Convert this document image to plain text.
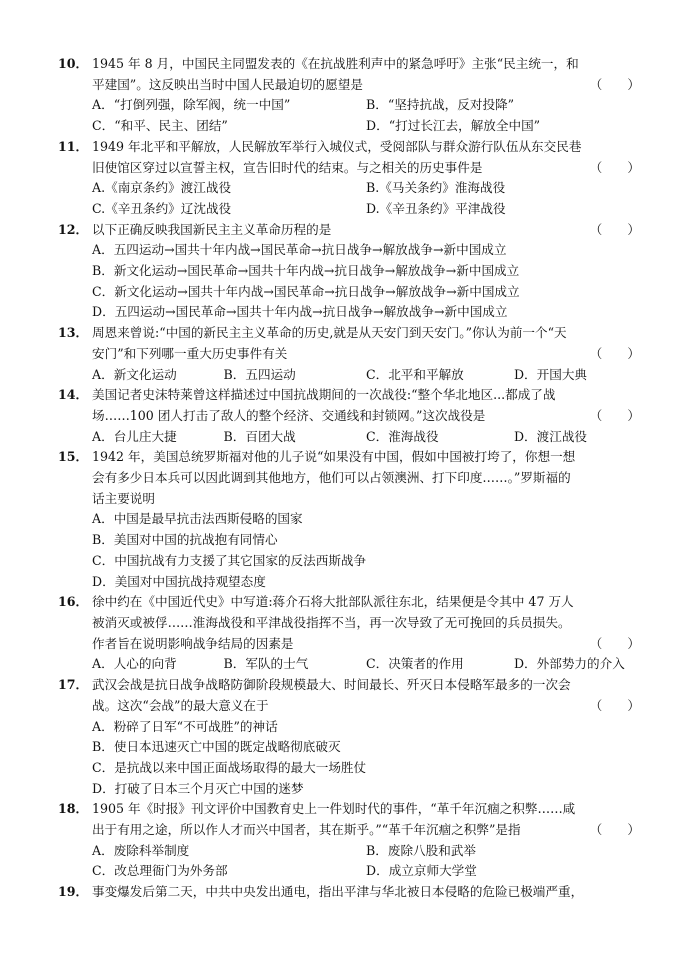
10． 1945 年 8 月，中国民主同盟发表的《在抗战胜利声中的紧急呼吁》主张“民主统一，和
平建国”。这反映出当时中国人民最迫切的愿望是	（　　）
A．“打倒列强，除军阀，统一中国”	B．“坚持抗战，反对投降”
C．“和平、民主、团结”	D．“打过长江去，解放全中国”
11． 1949 年北平和平解放，人民解放军举行入城仪式，受阅部队与群众游行队伍从东交民巷
旧使馆区穿过以宣誓主权，宣告旧时代的结束。与之相关的历史事件是	（　　）
A.《南京条约》渡江战役	B.《马关条约》淮海战役
C.《辛丑条约》辽沈战役	D.《辛丑条约》平津战役
12． 以下正确反映我国新民主主义革命历程的是	（　　）
A．五四运动→国共十年内战→国民革命→抗日战争→解放战争→新中国成立
B．新文化运动→国民革命→国共十年内战→抗日战争→解放战争→新中国成立
C．新文化运动→国共十年内战→国民革命→抗日战争→解放战争→新中国成立
D．五四运动→国民革命→国共十年内战→抗日战争→解放战争→新中国成立
13． 周恩来曾说:“中国的新民主主义革命的历史,就是从天安门到天安门。”你认为前一个“天
安门”和下列哪一重大历史事件有关	（　　）
A．新文化运动	B．五四运动	C．北平和平解放	D．开国大典
14． 美国记者史沫特莱曾这样描述过中国抗战期间的一次战役:“整个华北地区...都成了战
场……100 团人打击了敌人的整个经济、交通线和封锁网。”这次战役是	（　　）
A．台儿庄大捷	B．百团大战	C．淮海战役	D．渡江战役
15． 1942 年，美国总统罗斯福对他的儿子说“如果没有中国，假如中国被打垮了，你想一想
会有多少日本兵可以因此调到其他地方，他们可以占领澳洲、打下印度……。”罗斯福的
话主要说明
A．中国是最早抗击法西斯侵略的国家
B．美国对中国的抗战抱有同情心
C．中国抗战有力支援了其它国家的反法西斯战争
D．美国对中国抗战持观望态度
16． 徐中约在《中国近代史》中写道:蒋介石将大批部队派往东北，结果便是令其中 47 万人
被消灭或被俘……淮海战役和平津战役指挥不当，再一次导致了无可挽回的兵员损失。
作者旨在说明影响战争结局的因素是	（　　）
A．人心的向背	B．军队的士气	C．决策者的作用	D．外部势力的介入
17． 武汉会战是抗日战争战略防御阶段规模最大、时间最长、歼灭日本侵略军最多的一次会
战。这次“会战”的最大意义在于	（　　）
A．粉碎了日军“不可战胜”的神话
B．使日本迅速灭亡中国的既定战略彻底破灭
C．是抗战以来中国正面战场取得的最大一场胜仗
D．打破了日本三个月灭亡中国的迷梦
18． 1905 年《时报》刊文评价中国教育史上一件划时代的事件，“革千年沉痼之积弊……咸
出于有用之途，所以作人才而兴中国者，其在斯乎。”“革千年沉痼之积弊”是指	（　　）
A．废除科举制度	B．废除八股和武举
C．改总理衙门为外务部	D．成立京师大学堂
19． 事变爆发后第二天，中共中央发出通电，指出平津与华北被日本侵略的危险已极端严重，
